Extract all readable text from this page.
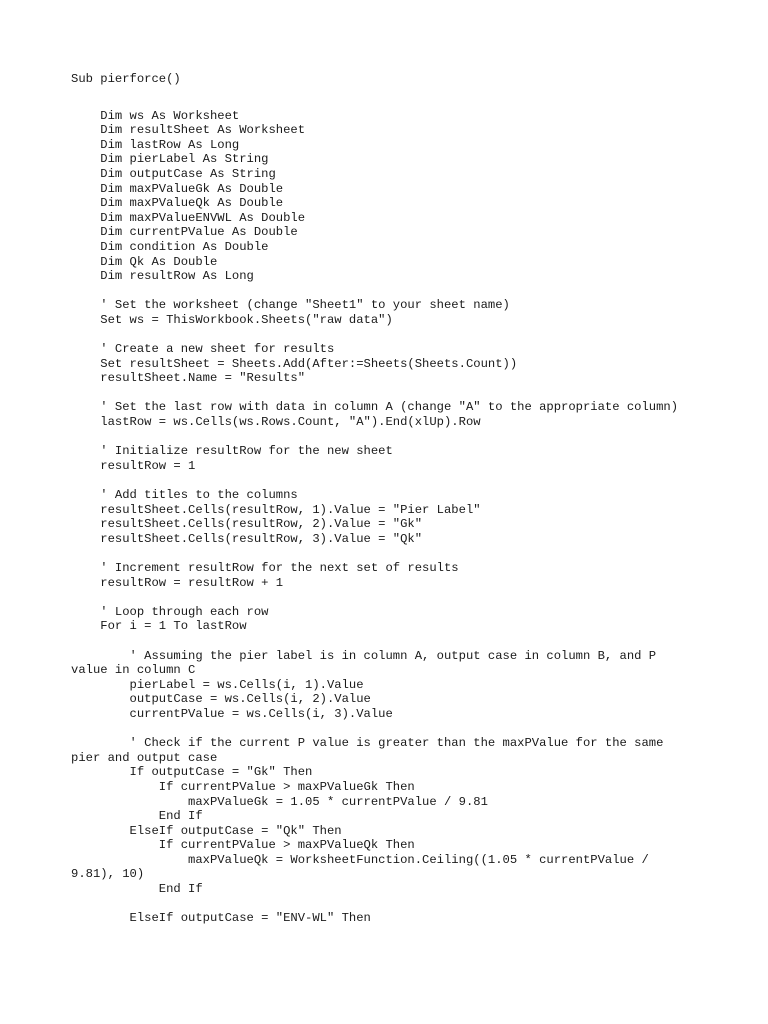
Sub pierforce()
Dim ws As Worksheet
Dim resultSheet As Worksheet
Dim lastRow As Long
Dim pierLabel As String
Dim outputCase As String
Dim maxPValueGk As Double
Dim maxPValueQk As Double
Dim maxPValueENVWL As Double
Dim currentPValue As Double
Dim condition As Double
Dim Qk As Double
Dim resultRow As Long
' Set the worksheet (change "Sheet1" to your sheet name)
Set ws = ThisWorkbook.Sheets("raw data")
' Create a new sheet for results
Set resultSheet = Sheets.Add(After:=Sheets(Sheets.Count))
resultSheet.Name = "Results"
' Set the last row with data in column A (change "A" to the appropriate column)
lastRow = ws.Cells(ws.Rows.Count, "A").End(xlUp).Row
' Initialize resultRow for the new sheet
resultRow = 1
' Add titles to the columns
resultSheet.Cells(resultRow, 1).Value = "Pier Label"
resultSheet.Cells(resultRow, 2).Value = "Gk"
resultSheet.Cells(resultRow, 3).Value = "Qk"
' Increment resultRow for the next set of results
resultRow = resultRow + 1
' Loop through each row
For i = 1 To lastRow
' Assuming the pier label is in column A, output case in column B, and P
value in column C
pierLabel = ws.Cells(i, 1).Value
outputCase = ws.Cells(i, 2).Value
currentPValue = ws.Cells(i, 3).Value
' Check if the current P value is greater than the maxPValue for the same
pier and output case
If outputCase = "Gk" Then
If currentPValue > maxPValueGk Then
maxPValueGk = 1.05 * currentPValue / 9.81
End If
ElseIf outputCase = "Qk" Then
If currentPValue > maxPValueQk Then
maxPValueQk = WorksheetFunction.Ceiling((1.05 * currentPValue /
9.81), 10)
End If
ElseIf outputCase = "ENV-WL" Then
